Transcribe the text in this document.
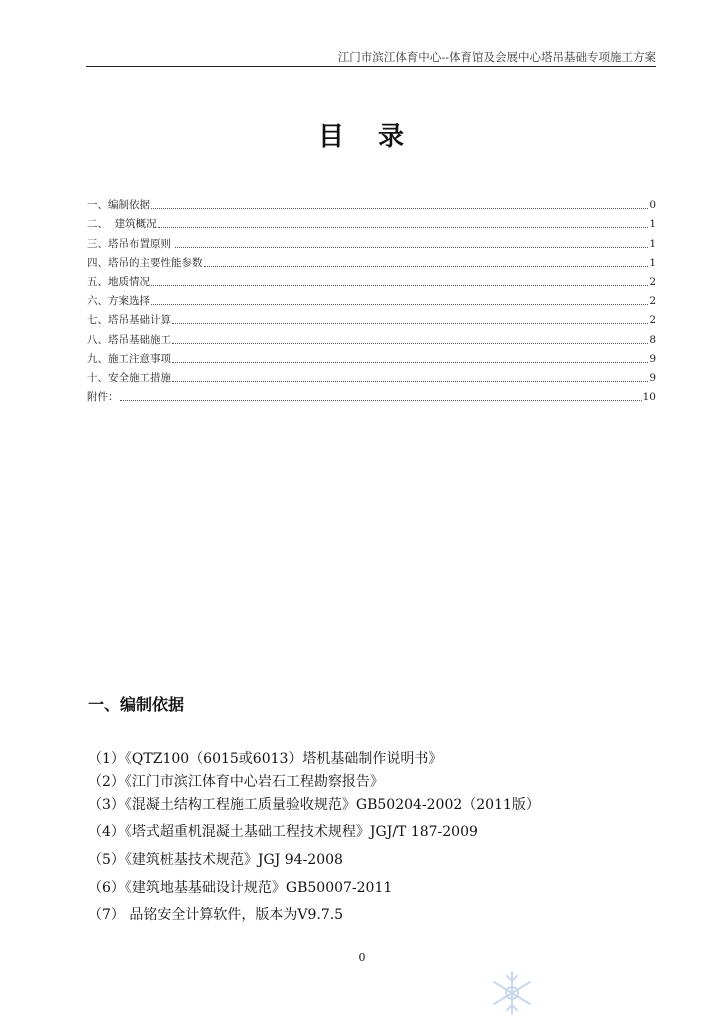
江门市滨江体育中心--体育馆及会展中心塔吊基础专项施工方案
目 录
一、编制依据	0
二、  建筑概况	1
三、塔吊布置原则	1
四、塔吊的主要性能参数	1
五、地质情况	2
六、方案选择	2
七、塔吊基础计算	2
八、塔吊基础施工	8
九、施工注意事项	9
十、安全施工措施	9
附件：	10
一、编制依据
（1）《QTZ100（6015或6013）塔机基础制作说明书》
（2）《江门市滨江体育中心岩石工程勘察报告》
（3）《混凝土结构工程施工质量验收规范》GB50204-2002（2011版）
（4）《塔式超重机混凝土基础工程技术规程》JGJ/T 187-2009
（5）《建筑桩基技术规范》JGJ 94-2008
（6）《建筑地基基础设计规范》GB50007-2011
（7） 品铭安全计算软件，版本为V9.7.5
0
